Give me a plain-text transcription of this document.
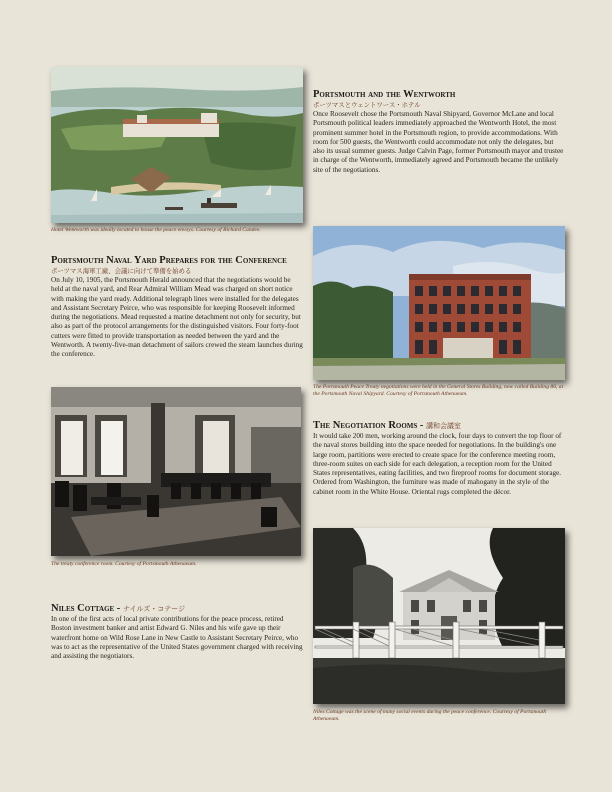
Hotel Wentworth was ideally located to house the peace envoys. Courtesy of Richard Candee.
Portsmouth and the Wentworth
ポーツマスとウェントワース・ホテル

Once Roosevelt chose the Portsmouth Naval Shipyard, Governor McLane and local Portsmouth political leaders immediately approached the Wentworth Hotel, the most prominent summer hotel in the Portsmouth region, to provide accommodations. With room for 500 guests, the Wentworth could accommodate not only the delegates, but also its usual summer guests. Judge Calvin Page, former Portsmouth mayor and trustee in charge of the Wentworth, immediately agreed and Portsmouth became the unlikely site of the negotiations.

Portsmouth Naval Yard Prepares for the Conference
ポーツマス海軍工廠、会議に向けて準備を始める

On July 10, 1905, the Portsmouth Herald announced that the negotiations would be held at the naval yard, and Rear Admiral William Mead was charged on short notice with making the yard ready. Additional telegraph lines were installed for the delegates and Assistant Secretary Peirce, who was responsible for keeping Roosevelt informed during the negotiations. Mead requested a marine detachment not only for security, but also as part of the protocol arrangements for the distinguished visitors. Four forty-foot cutters were fitted to provide transportation as needed between the yard and the Wentworth. A twenty-five-man detachment of sailors crewed the steam launches during the conference.

The Portsmouth Peace Treaty negotiations were held in the General Stores Building, now called Building 86, at the Portsmouth Naval Shipyard. Courtesy of Portsmouth Athenaeum.
The treaty conference room. Courtesy of Portsmouth Athenaeum.
The Negotiation Rooms - 講和会議室

It would take 200 men, working around the clock, four days to convert the top floor of the naval stores building into the space needed for negotiations. In the building's one large room, partitions were erected to create space for the conference meeting room, three-room suites on each side for each delegation, a reception room for the United States representatives, eating facilities, and two fireproof rooms for document storage. Ordered from Washington, the furniture was made of mahogany in the style of the cabinet room in the White House. Oriental rugs completed the décor.

Niles Cottage was the scene of many social events during the peace conference. Courtesy of Portsmouth Athenaeum.
Niles Cottage - ナイルズ・コテージ

In one of the first acts of local private contributions for the peace process, retired Boston investment banker and artist Edward G. Niles and his wife gave up their waterfront home on Wild Rose Lane in New Castle to Assistant Secretary Peirce, who was to act as the representative of the United States government charged with receiving and assisting the negotiators.
